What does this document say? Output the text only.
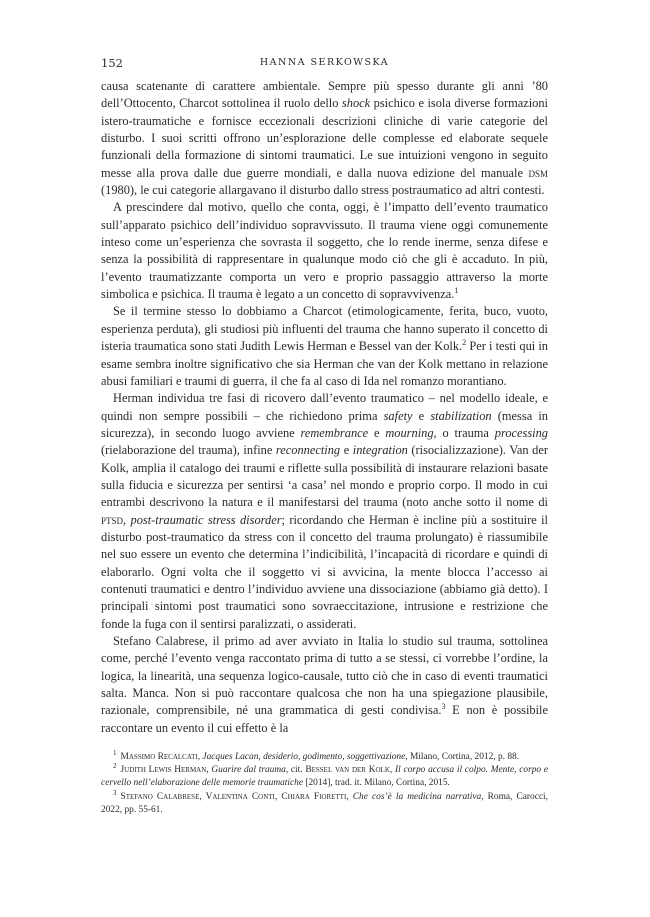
152	HANNA SERKOWSKA

causa scatenante di carattere ambientale. Sempre più spesso durante gli anni ’80 dell’Ottocento, Charcot sottolinea il ruolo dello shock psichico e isola diverse formazioni istero-traumatiche e fornisce eccezionali descrizioni cliniche di varie categorie del disturbo. I suoi scritti offrono un’esplorazione delle complesse ed elaborate sequele funzionali della formazione di sintomi traumatici. Le sue intuizioni vengono in seguito messe alla prova dalle due guerre mondiali, e dalla nuova edizione del manuale dsm (1980), le cui categorie allargavano il disturbo dallo stress postraumatico ad altri contesti.

A prescindere dal motivo, quello che conta, oggi, è l’impatto dell’evento traumatico sull’apparato psichico dell’individuo sopravvissuto. Il trauma viene oggi comunemente inteso come un’esperienza che sovrasta il soggetto, che lo rende inerme, senza difese e senza la possibilità di rappresentare in qualunque modo ciò che gli è accaduto. In più, l’evento traumatizzante comporta un vero e proprio passaggio attraverso la morte simbolica e psichica. Il trauma è legato a un concetto di sopravvivenza.$^1$

Se il termine stesso lo dobbiamo a Charcot (etimologicamente, ferita, buco, vuoto, esperienza perduta), gli studiosi più influenti del trauma che hanno superato il concetto di isteria traumatica sono stati Judith Lewis Herman e Bessel van der Kolk.$^2$ Per i testi qui in esame sembra inoltre significativo che sia Herman che van der Kolk mettano in relazione abusi familiari e traumi di guerra, il che fa al caso di Ida nel romanzo morantiano.

Herman individua tre fasi di ricovero dall’evento traumatico – nel modello ideale, e quindi non sempre possibili – che richiedono prima safety e stabilization (messa in sicurezza), in secondo luogo avviene remembrance e mourning, o trauma processing (rielaborazione del trauma), infine reconnecting e integration (risocializzazione). Van der Kolk, amplia il catalogo dei traumi e riflette sulla possibilità di instaurare relazioni basate sulla fiducia e sicurezza per sentirsi ‘a casa’ nel mondo e proprio corpo. Il modo in cui entrambi descrivono la natura e il manifestarsi del trauma (noto anche sotto il nome di ptsd, post-traumatic stress disorder; ricordando che Herman è incline più a sostituire il disturbo post-traumatico da stress con il concetto del trauma prolungato) è riassumibile nel suo essere un evento che determina l’indicibilità, l’incapacità di ricordare e quindi di elaborarlo. Ogni volta che il soggetto vi si avvicina, la mente blocca l’accesso ai contenuti traumatici e dentro l’individuo avviene una dissociazione (abbiamo già detto). I principali sintomi post traumatici sono sovraeccitazione, intrusione e restrizione che fonde la fuga con il sentirsi paralizzati, o assiderati.

Stefano Calabrese, il primo ad aver avviato in Italia lo studio sul trauma, sottolinea come, perché l’evento venga raccontato prima di tutto a se stessi, ci vorrebbe l’ordine, la logica, la linearità, una sequenza logico-causale, tutto ciò che in caso di eventi traumatici salta. Manca. Non si può raccontare qualcosa che non ha una spiegazione plausibile, razionale, comprensibile, né una grammatica di gesti condivisa.$^3$ E non è possibile raccontare un evento il cui effetto è la

$^1$ Massimo Recalcati, Jacques Lacan, desiderio, godimento, soggettivazione, Milano, Cortina, 2012, p. 88.

$^2$ Judith Lewis Herman, Guarire dal trauma, cit. Bessel van der Kolk, Il corpo accusa il colpo. Mente, corpo e cervello nell’elaborazione delle memorie traumatiche [2014], trad. it. Milano, Cortina, 2015.

$^3$ Stefano Calabrese, Valentina Conti, Chiara Fioretti, Che cos’è la medicina narrativa, Roma, Carocci, 2022, pp. 55-61.
